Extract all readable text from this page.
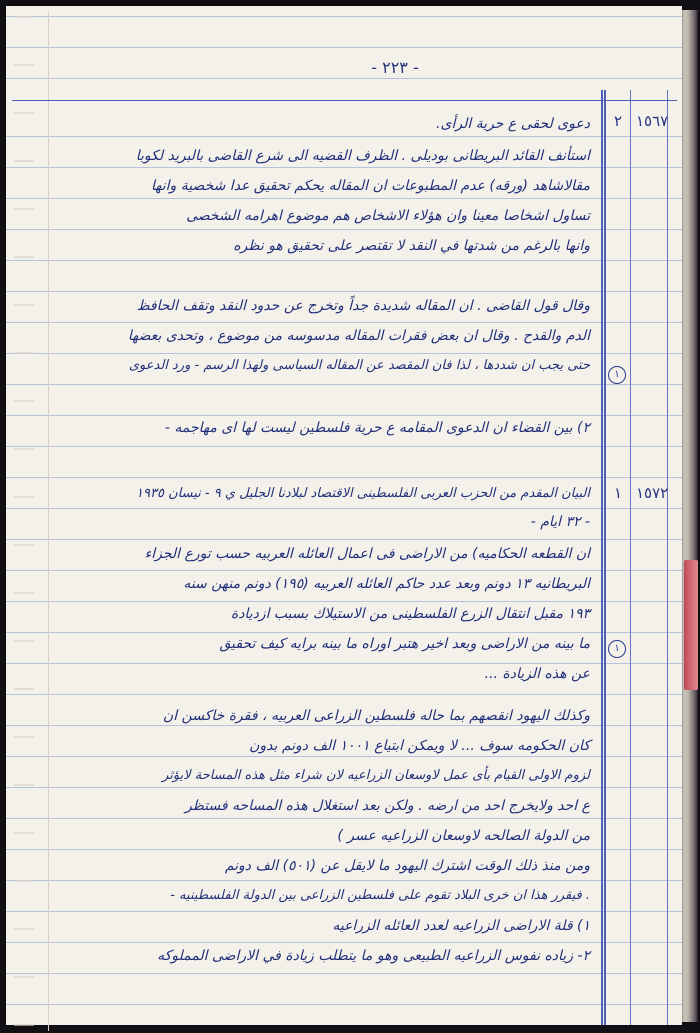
- ٢٢٣ -
١٥٦٧
٢
دعوى لحقى ع حرية الرأى.
استأنف القائد البريطانى بوديلى . الظرف القضيه الى شرع القاضى بالبريد لكوبا
مقالاشاهد (ورقه) عدم المطبوعات ان المقاله يحكم تحقيق عدا شخصية وانها
تساول اشخاصا معينا وان هؤلاء الاشخاص هم موضوع اهرامه الشخصى
وانها بالرغم من شدتها في النقد لا تقتصر على تحقيق هو نظره
وقال قول القاضى . ان المقاله شديدة جداً وتخرج عن حدود النقد وتقف الحافظ
الدم والقدح . وقال ان بعض فقرات المقاله مدسوسه من موضوع ، وتحدى بعضها
حتى يجب ان شددها ، لذا فان المقصد عن المقاله السياسى ولهذا الرسم - ورد الدعوى
١
٢) بين القضاء ان الدعوى المقامه ع حرية فلسطين ليست لها اى مهاجمه -
١٥٧٢
١
البيان المقدم من الحزب العربى الفلسطينى الاقتصاد لبلادنا الجليل ي ٩ - نيسان ١٩٣٥
- ٣٢ ايام -
ان القطعه الحكاميه) من الاراضى فى اعمال العائله العربيه حسب تورع الجزاء
البريطانيه ١٣ دونم وبعد عدد حاكم العائله العربيه (١٩٥) دونم منهن سنه
١٩٣ مقبل انتقال الزرع الفلسطينى من الاستيلاك بسبب ازديادة
ما بينه من الاراضى وبعد اخير هتبر اوراه ما بينه برايه كيف تحقيق
عن هذه الزيادة ...
١
وكذلك اليهود انقصهم بما حاله فلسطين الزراعى العربيه ، فقرة خاكسن ان
كان الحكومه سوف ... لا ويمكن ابتياع ١٠٠١ الف دونم بدون
لزوم الاولى القيام بأى عمل لاوسعان الزراعيه لان شراء مثل هذه المساحة لايؤثر
ع احد ولايخرج احد من ارضه . ولكن بعد استغلال هذه المساحه فستظر
من الدولة الصالحه لاوسعان الزراعيه عسر )
ومن منذ ذلك الوقت اشترك اليهود ما لايقل عن (٥٠١) الف دونم
. فيقرر هذا ان خرى البلاد تقوم على فلسطين الزراعى بين الدولة الفلسطينيه -
١) قلة الاراضى الزراعيه لعدد العائله الزراعيه
٢- زياده نفوس الزراعيه الطبيعى وهو ما يتطلب زيادة في الاراضى المملوكه
